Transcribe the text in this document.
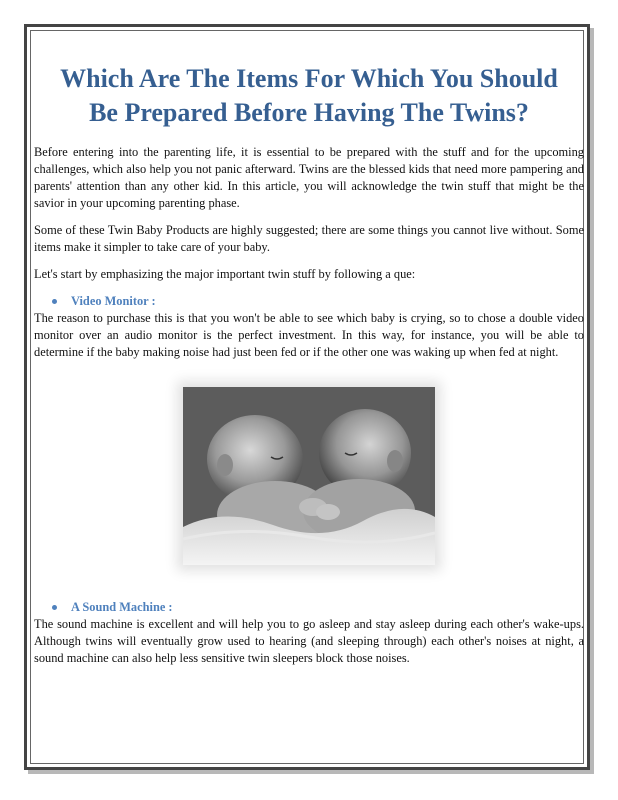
Which Are The Items For Which You Should Be Prepared Before Having The Twins?

Before entering into the parenting life, it is essential to be prepared with the stuff and for the upcoming challenges, which also help you not panic afterward. Twins are the blessed kids that need more pampering and parents' attention than any other kid. In this article, you will acknowledge the twin stuff that might be the savior in your upcoming parenting phase.

Some of these Twin Baby Products are highly suggested; there are some things you cannot live without. Some items make it simpler to take care of your baby.

Let's start by emphasizing the major important twin stuff by following a que:

Video Monitor :

The reason to purchase this is that you won't be able to see which baby is crying, so to chose a double video monitor over an audio monitor is the perfect investment. In this way, for instance, you will be able to determine if the baby making noise had just been fed or if the other one was waking up when fed at night.

A Sound Machine :

The sound machine is excellent and will help you to go asleep and stay asleep during each other's wake-ups. Although twins will eventually grow used to hearing (and sleeping through) each other's noises at night, a sound machine can also help less sensitive twin sleepers block those noises.
